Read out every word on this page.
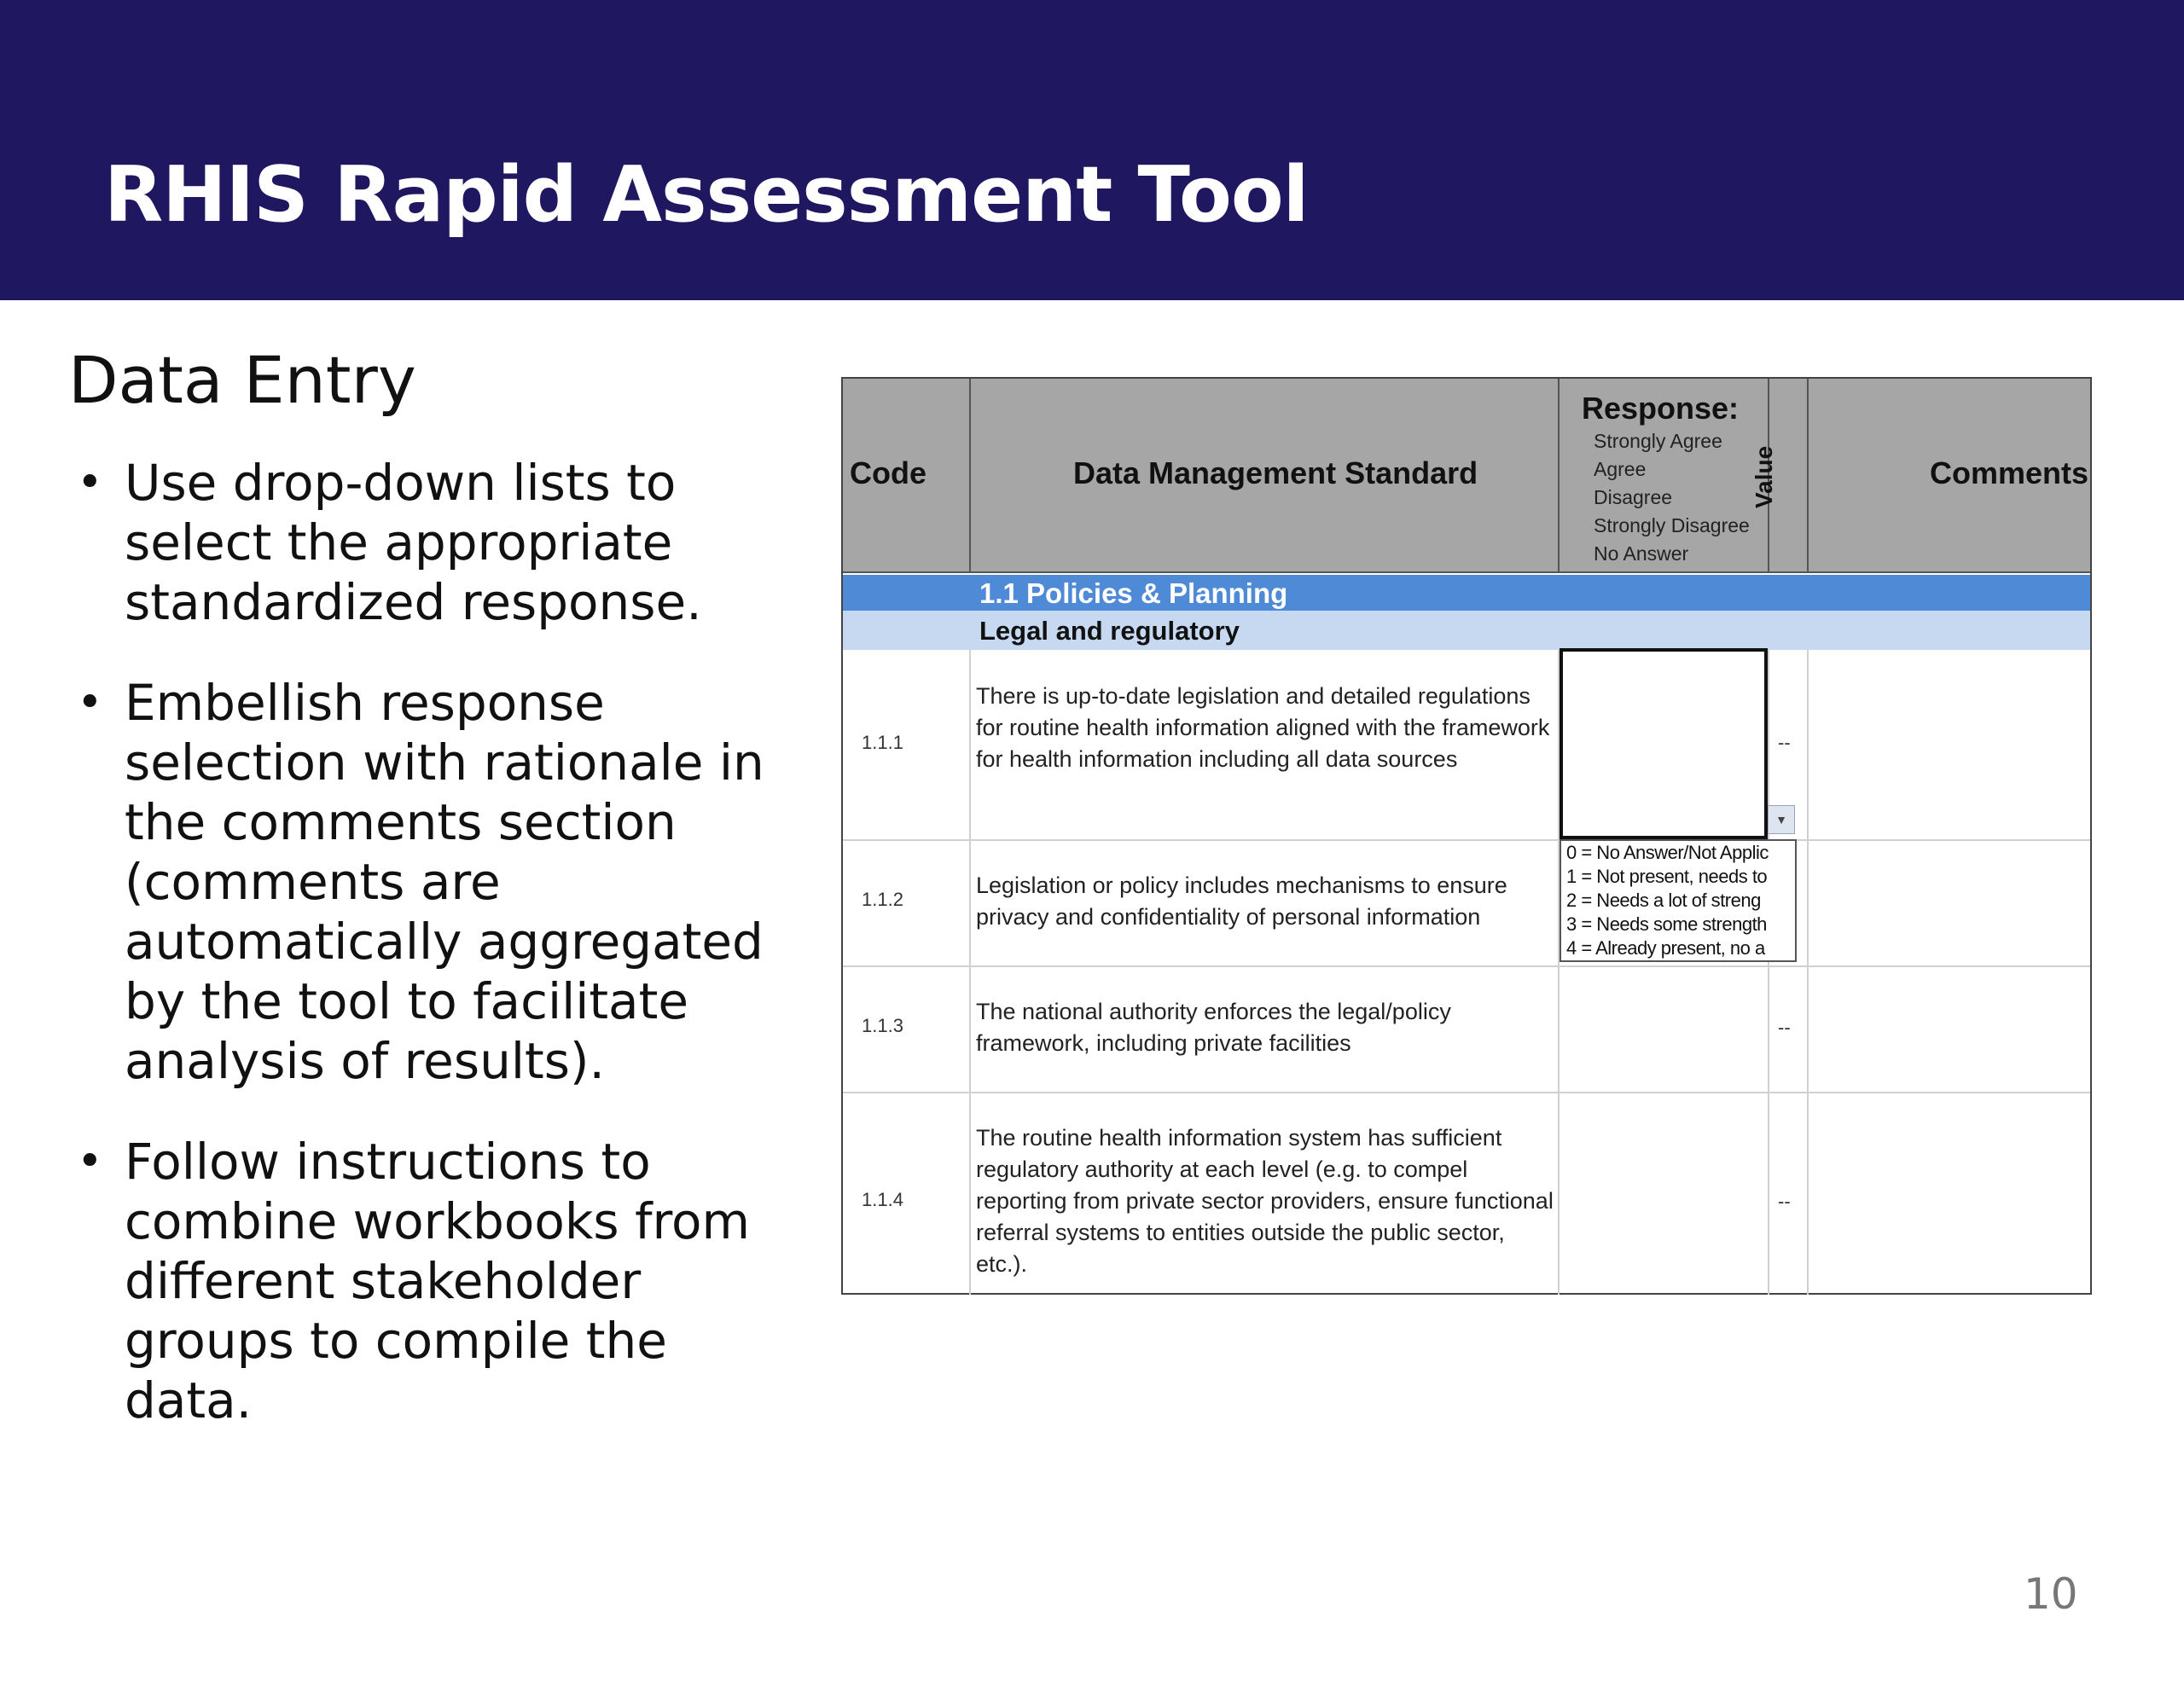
RHIS Rapid Assessment Tool
Data Entry
• Use drop-down lists to select the appropriate standardized response.
• Embellish response selection with rationale in the comments section (comments are automatically aggregated by the tool to facilitate analysis of results).
• Follow instructions to combine workbooks from different stakeholder groups to compile the data.
Code	Data Management Standard
Response:
Strongly Agree
Agree
Disagree
Strongly Disagree
No Answer
Value	Comments
1.1 Policies & Planning
Legal and regulatory
1.1.1
There is up-to-date legislation and detailed regulations for routine health information aligned with the framework for health information including all data sources
--
1.1.2
Legislation or policy includes mechanisms to ensure privacy and confidentiality of personal information
1.1.3
The national authority enforces the legal/policy framework, including private facilities
--
1.1.4
The routine health information system has sufficient regulatory authority at each level (e.g. to compel reporting from private sector providers, ensure functional referral systems to entities outside the public sector, etc.).
--
▼
0 = No Answer/Not Applic
1 = Not present, needs to
2 = Needs a lot of streng
3 = Needs some strength
4 = Already present, no a
10
